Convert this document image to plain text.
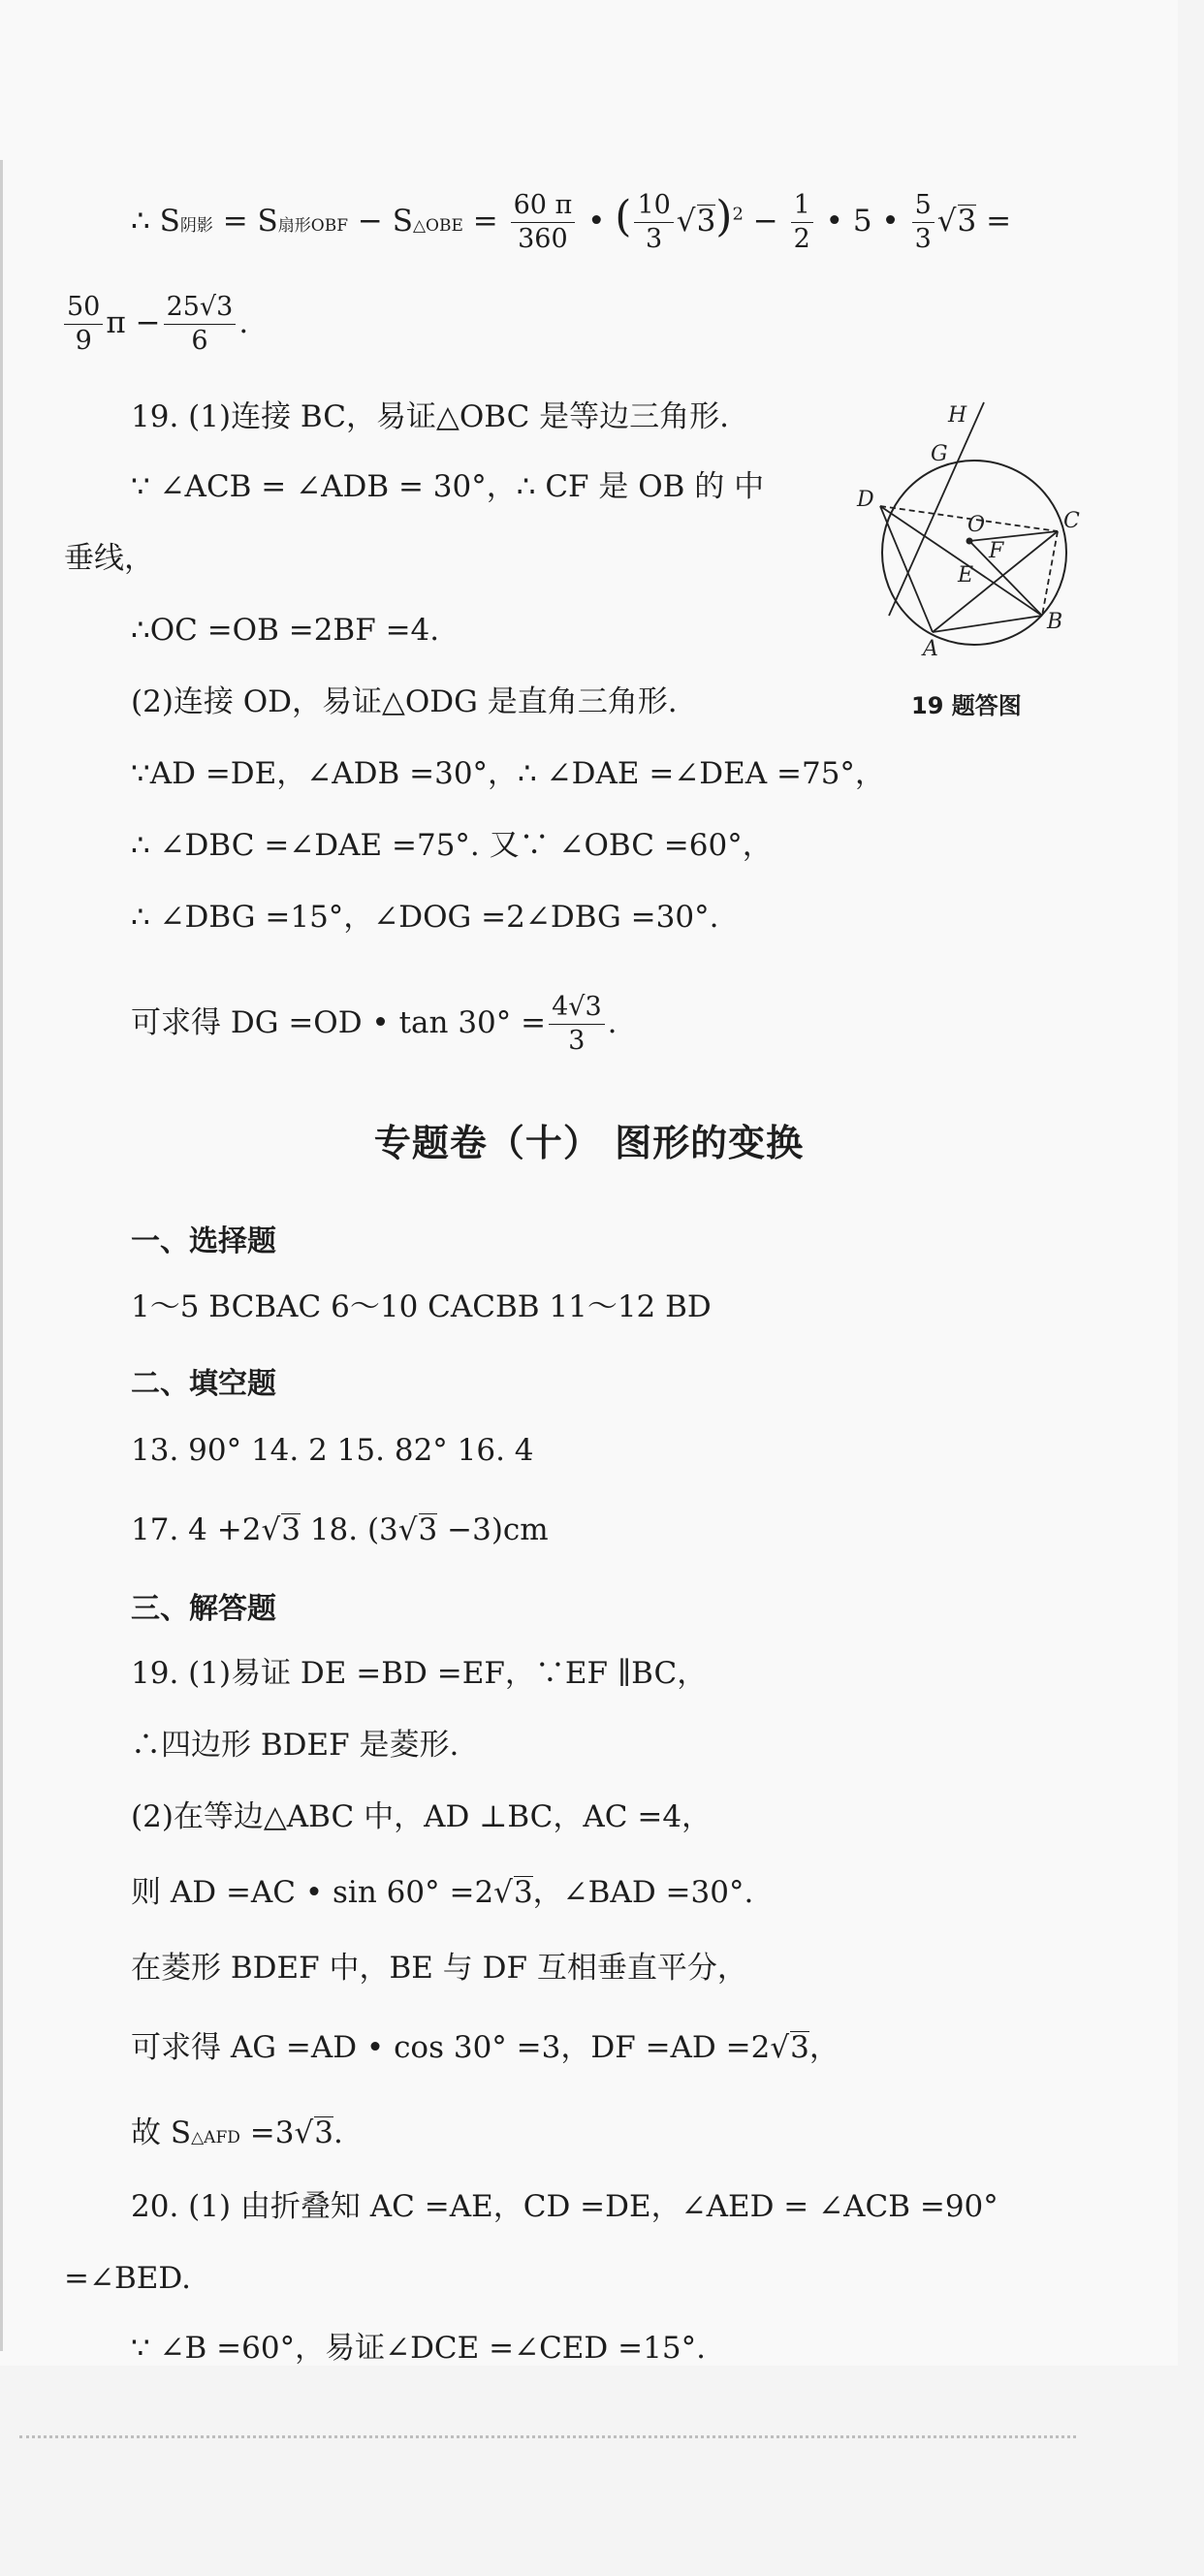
∴ S阴影 = S扇形OBF − S△OBE = $\frac{60 \pi}{360}$ • ( $\frac{10}{3} √3)^2 - \frac{1}{2}$ • 5 • $\frac{5}{3} √3$ =
$\frac{50}{9}$ $\pi - \frac{25√3}{6}$ .
19. (1)连接 BC，易证△OBC 是等边三角形.
∵ ∠ACB = ∠ADB = 30°，∴ CF 是 OB 的 中
垂线，
∴OC =OB =2BF =4.
(2)连接 OD，易证△ODG 是直角三角形.
∵AD =DE，∠ADB =30°，∴ ∠DAE =∠DEA =75°，
∴ ∠DBC =∠DAE =75°. 又∵ ∠OBC =60°，
∴ ∠DBG =15°，∠DOG =2∠DBG =30°.
可求得 DG =OD • $\tan 30^\circ = \frac{4√3}{3}$ .
H
G
D
O	C
F
E
A
B
19 题答图
专题卷（十） 图形的变换
一、选择题
1～5 BCBAC 6～10 CACBB 11～12 BD
二、填空题
13. 90° 14. 2 15. 82° 16. 4
17. 4 +2√3 18. (3√3 −3)cm
三、解答题
19. (1)易证 DE =BD =EF，∵EF ∥BC，
∴四边形 BDEF 是菱形.
(2)在等边△ABC 中，AD ⊥BC，AC =4，
则 AD =AC • sin 60° =2√3，∠BAD =30°.
在菱形 BDEF 中，BE 与 DF 互相垂直平分，
可求得 AG =AD • cos 30° =3，DF =AD =2√3，
故 S△AFD =3√3.
20. (1) 由折叠知 AC =AE，CD =DE，∠AED = ∠ACB =90°
=∠BED.
∵ ∠B =60°，易证∠DCE =∠CED =15°.
